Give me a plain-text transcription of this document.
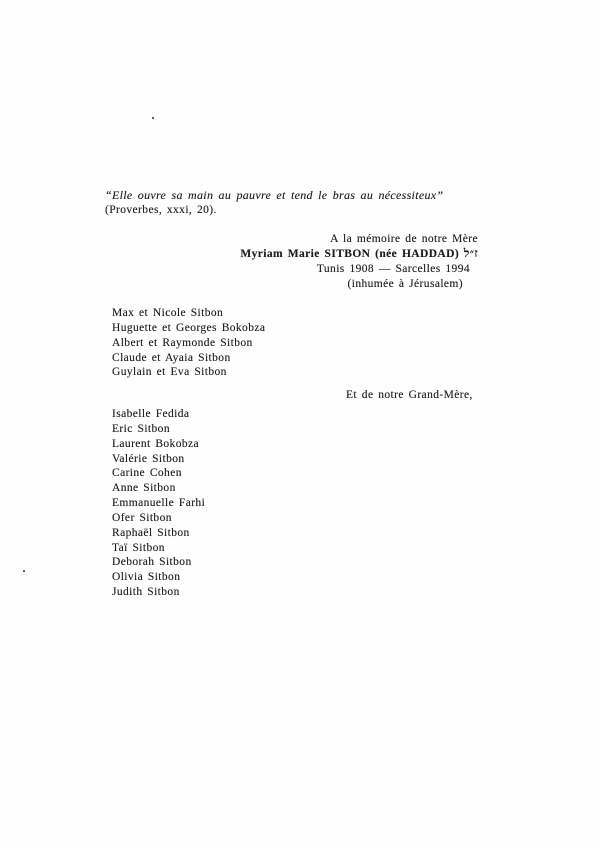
“Elle ouvre sa main au pauvre et tend le bras au nécessiteux”
(Proverbes, xxxi, 20).
A la mémoire de notre Mère
Myriam Marie SITBON (née HADDAD) ז״ל
Tunis 1908 — Sarcelles 1994
(inhumée à Jérusalem)
Max et Nicole Sitbon
Huguette et Georges Bokobza
Albert et Raymonde Sitbon
Claude et Ayaia Sitbon
Guylain et Eva Sitbon
Et de notre Grand-Mère,
Isabelle Fedida
Eric Sitbon
Laurent Bokobza
Valérie Sitbon
Carine Cohen
Anne Sitbon
Emmanuelle Farhi
Ofer Sitbon
Raphaël Sitbon
Taï Sitbon
Deborah Sitbon
Olivia Sitbon
Judith Sitbon
